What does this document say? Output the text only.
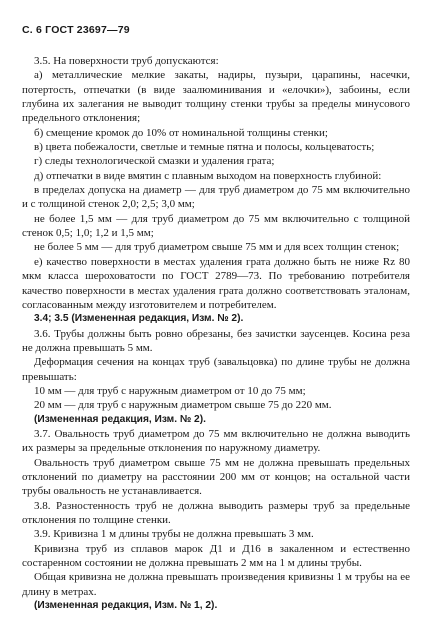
С. 6 ГОСТ 23697—79

3.5. На поверхности труб допускаются:

а) металлические мелкие закаты, надиры, пузыри, царапины, насечки, потертость, отпечатки (в виде заалюминивания и «елочки»), забоины, если глубина их залегания не выводит толщину стенки трубы за пределы минусового предельного отклонения;

б) смещение кромок до 10% от номинальной толщины стенки;

в) цвета побежалости, светлые и темные пятна и полосы, кольцеватость;

г) следы технологической смазки и удаления грата;

д) отпечатки в виде вмятин с плавным выходом на поверхность глубиной:

в пределах допуска на диаметр — для труб диаметром до 75 мм включительно и с толщиной стенок 2,0; 2,5; 3,0 мм;

не более 1,5 мм — для труб диаметром до 75 мм включительно с толщиной стенок 0,5; 1,0; 1,2 и 1,5 мм;

не более 5 мм — для труб диаметром свыше 75 мм и для всех толщин стенок;

е) качество поверхности в местах удаления грата должно быть не ниже Rz 80 мкм класса шероховатости по ГОСТ 2789—73. По требованию потребителя качество поверхности в местах удаления грата должно соответствовать эталонам, согласованным между изготовителем и потребителем.

3.4; 3.5 (Измененная редакция, Изм. № 2).

3.6. Трубы должны быть ровно обрезаны, без зачистки заусенцев. Косина реза не должна превышать 5 мм.

Деформация сечения на концах труб (завальцовка) по длине трубы не должна превышать:

10 мм — для труб с наружным диаметром от 10 до 75 мм;

20 мм — для труб с наружным диаметром свыше 75 до 220 мм.

(Измененная редакция, Изм. № 2).

3.7. Овальность труб диаметром до 75 мм включительно не должна выводить их размеры за предельные отклонения по наружному диаметру.

Овальность труб диаметром свыше 75 мм не должна превышать предельных отклонений по диаметру на расстоянии 200 мм от концов; на остальной части трубы овальность не устанавливается.

3.8. Разностенность труб не должна выводить размеры труб за предельные отклонения по толщине стенки.

3.9. Кривизна 1 м длины трубы не должна превышать 3 мм.

Кривизна труб из сплавов марок Д1 и Д16 в закаленном и естественно состаренном состоянии не должна превышать 2 мм на 1 м длины трубы.

Общая кривизна не должна превышать произведения кривизны 1 м трубы на ее длину в метрах.

(Измененная редакция, Изм. № 1, 2).
